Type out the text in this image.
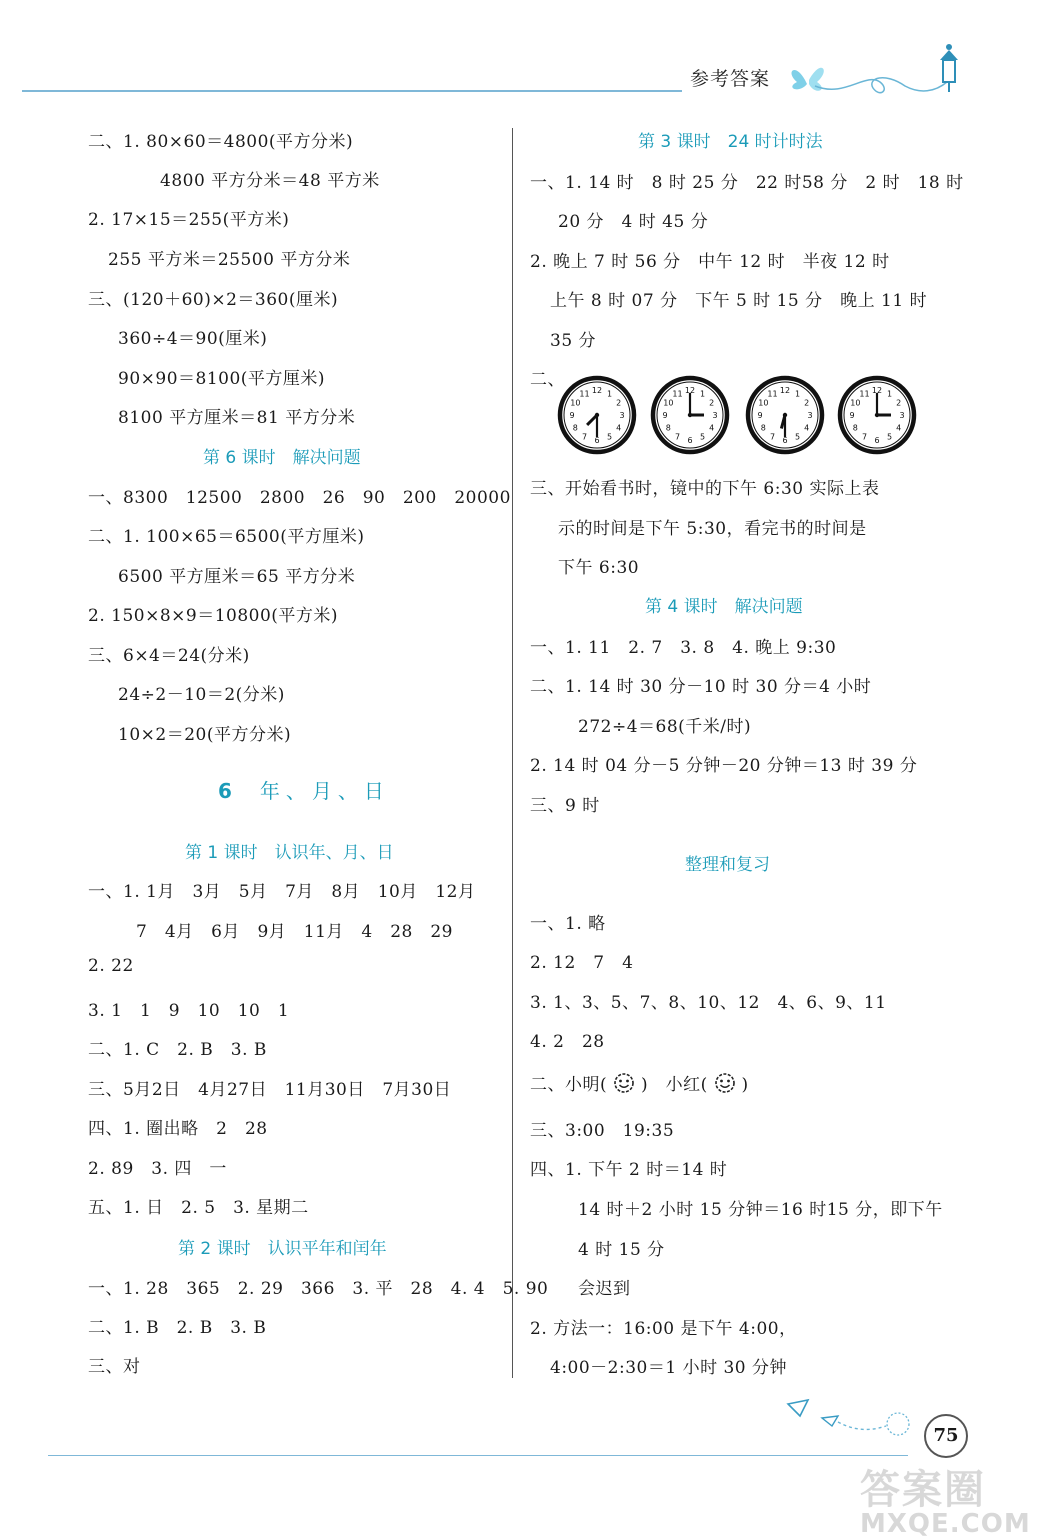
参考答案
二、1. 80×60＝4800(平方分米)
4800 平方分米＝48 平方米
2. 17×15＝255(平方米)
255 平方米＝25500 平方分米
三、(120＋60)×2＝360(厘米)
360÷4＝90(厘米)
90×90＝8100(平方厘米)
8100 平方厘米＝81 平方分米
第 6 课时　解决问题
一、8300　12500　2800　26　90　200　20000
二、1. 100×65＝6500(平方厘米)
6500 平方厘米＝65 平方分米
2. 150×8×9＝10800(平方米)
三、6×4＝24(分米)
24÷2－10＝2(分米)
10×2＝20(平方分米)
6 年、月、日
第 1 课时　认识年、月、日
一、1. 1月　3月　5月　7月　8月　10月　12月
7　4月　6月　9月　11月　4　28　29
2. 22
3. 1　1　9　10　10　1
二、1. C　2. B　3. B
三、5月2日　4月27日　11月30日　7月30日
四、1. 圈出略　2　28
2. 89　3. 四　一
五、1. 日　2. 5　3. 星期二
第 2 课时　认识平年和闰年
一、1. 28　365　2. 29　366　3. 平　28　4. 4　5. 90
二、1. B　2. B　3. B
三、对
第 3 课时　24 时计时法
一、1. 14 时　8 时 25 分　22 时58 分　2 时　18 时
20 分　4 时 45 分
2. 晚上 7 时 56 分　中午 12 时　半夜 12 时
上午 8 时 07 分　下午 5 时 15 分　晚上 11 时
35 分
二、
1
2
3
4
5
6
7
8
9
10
11 12	1
2
3
4
5
6
7
8
9
10
11 12	1
2
3
4
5
6
7
8
9
10
11 12	1
2
3
4
5
6
7
8
9
10
11 12
三、开始看书时，镜中的下午 6:30 实际上表
示的时间是下午 5:30，看完书的时间是
下午 6:30
第 4 课时　解决问题
一、1. 11　2. 7　3. 8　4. 晚上 9:30
二、1. 14 时 30 分－10 时 30 分＝4 小时
272÷4＝68(千米/时)
2. 14 时 04 分－5 分钟－20 分钟＝13 时 39 分
三、9 时
整理和复习
一、1. 略
2. 12　7　4
3. 1、3、5、7、8、10、12　4、6、9、11
4. 2　28
二、小明( )　小红( )
三、3:00　19:35
四、1. 下午 2 时＝14 时
14 时＋2 小时 15 分钟＝16 时15 分，即下午
4 时 15 分
会迟到
2. 方法一：16:00 是下午 4:00，
4:00－2:30＝1 小时 30 分钟
75
答案圈
MXQE.COM
